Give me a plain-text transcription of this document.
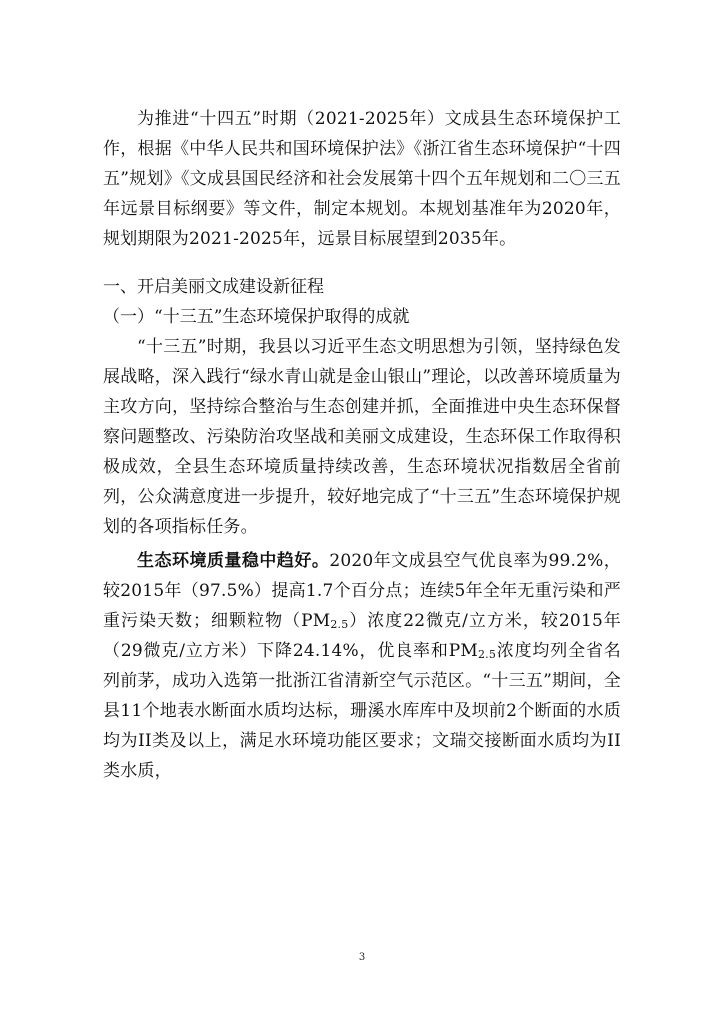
为推进“十四五”时期（2021-2025年）文成县生态环境保护工作，根据《中华人民共和国环境保护法》《浙江省生态环境保护“十四五”规划》《文成县国民经济和社会发展第十四个五年规划和二〇三五年远景目标纲要》等文件，制定本规划。本规划基准年为2020年，规划期限为2021-2025年，远景目标展望到2035年。

一、开启美丽文成建设新征程

（一）“十三五”生态环境保护取得的成就

“十三五”时期，我县以习近平生态文明思想为引领，坚持绿色发展战略，深入践行“绿水青山就是金山银山”理论，以改善环境质量为主攻方向，坚持综合整治与生态创建并抓，全面推进中央生态环保督察问题整改、污染防治攻坚战和美丽文成建设，生态环保工作取得积极成效，全县生态环境质量持续改善，生态环境状况指数居全省前列，公众满意度进一步提升，较好地完成了“十三五”生态环境保护规划的各项指标任务。

生态环境质量稳中趋好。2020年文成县空气优良率为99.2%，较2015年（97.5%）提高1.7个百分点；连续5年全年无重污染和严重污染天数；细颗粒物$(PM_{2.5})$浓度22微克/立方米，较2015年（29微克/立方米）下降24.14%，优良率和$PM_{2.5}$浓度均列全省名列前茅，成功入选第一批浙江省清新空气示范区。“十三五”期间，全县11个地表水断面水质均达标，珊溪水库库中及坝前2个断面的水质均为II类及以上，满足水环境功能区要求；文瑞交接断面水质均为II类水质，

3
